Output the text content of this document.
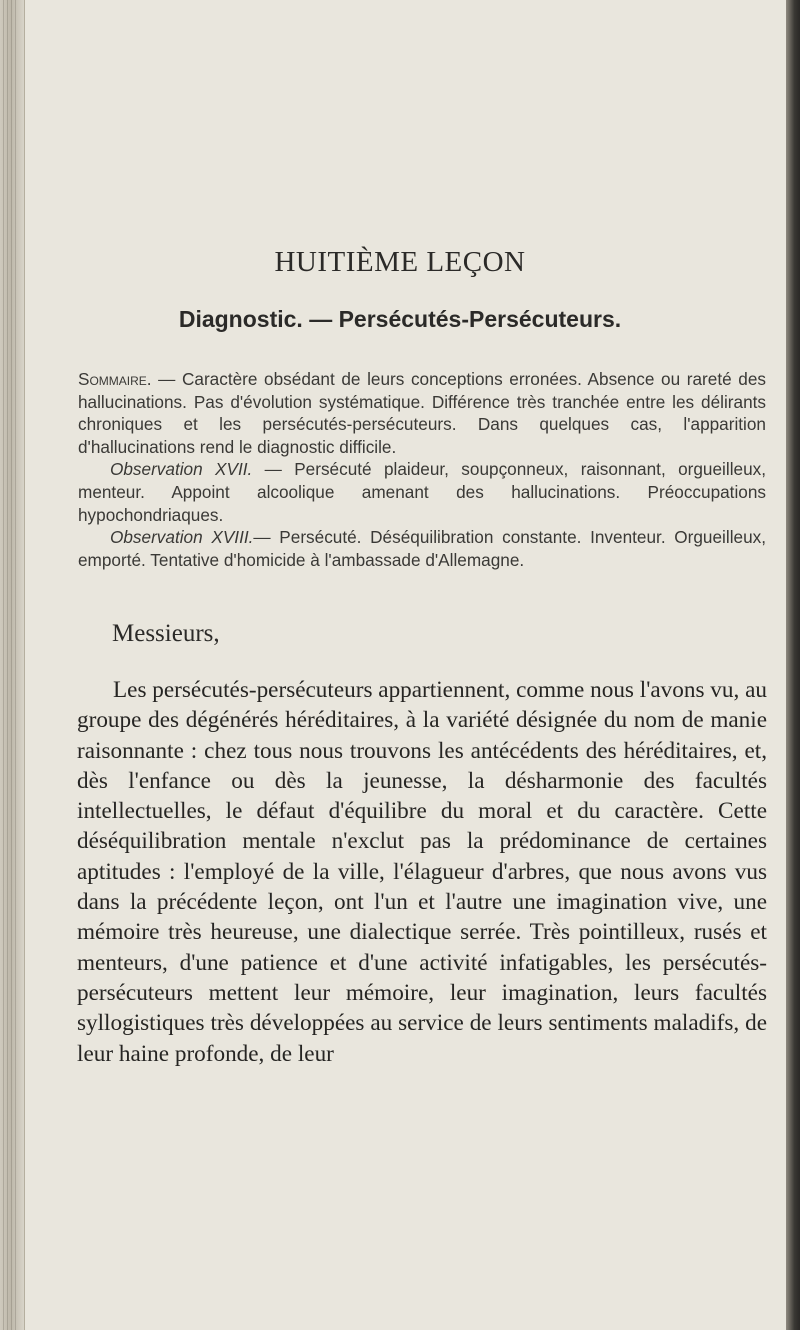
HUITIÈME LEÇON
Diagnostic. — Persécutés-Persécuteurs.

Sommaire. — Caractère obsédant de leurs conceptions erronées. Absence ou rareté des hallucinations. Pas d'évolution systématique. Différence très tranchée entre les délirants chroniques et les persécutés-persécuteurs. Dans quelques cas, l'apparition d'hallucinations rend le diagnostic difficile.

Observation XVII. — Persécuté plaideur, soupçonneux, raisonnant, orgueilleux, menteur. Appoint alcoolique amenant des hallucinations. Préoccupations hypochondriaques.

Observation XVIII.— Persécuté. Déséquilibration constante. Inventeur. Orgueilleux, emporté. Tentative d'homicide à l'ambassade d'Allemagne.

Messieurs,

Les persécutés-persécuteurs appartiennent, comme nous l'avons vu, au groupe des dégénérés héréditaires, à la variété désignée du nom de manie raisonnante : chez tous nous trouvons les antécédents des héréditaires, et, dès l'enfance ou dès la jeunesse, la désharmonie des facultés intellectuelles, le défaut d'équilibre du moral et du caractère. Cette déséquilibration mentale n'exclut pas la prédominance de certaines aptitudes : l'employé de la ville, l'élagueur d'arbres, que nous avons vus dans la précédente leçon, ont l'un et l'autre une imagination vive, une mémoire très heureuse, une dialectique serrée. Très pointilleux, rusés et menteurs, d'une patience et d'une activité infatigables, les persécutés-persécuteurs mettent leur mémoire, leur imagination, leurs facultés syllogistiques très développées au service de leurs sentiments maladifs, de leur haine profonde, de leur
